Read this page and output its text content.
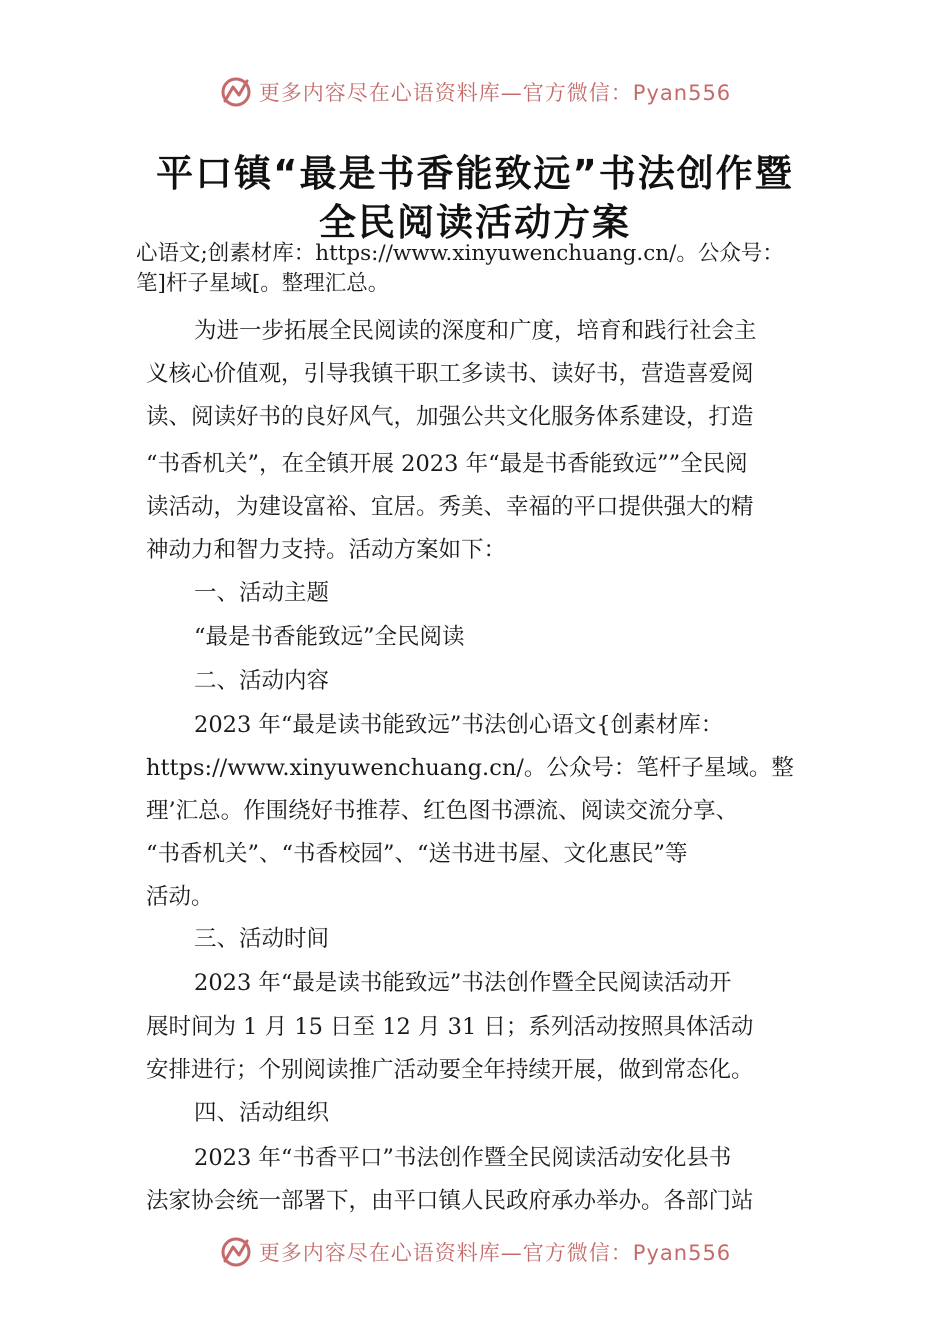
更多内容尽在心语资料库—官方微信：Pyan556
平口镇“最是书香能致远”书法创作暨
全民阅读活动方案

心语文;创素材库：https://www.xinyuwenchuang.cn/。公众号：

笔]杆子星域[。整理汇总。

为进一步拓展全民阅读的深度和广度，培育和践行社会主

义核心价值观，引导我镇干职工多读书、读好书，营造喜爱阅

读、阅读好书的良好风气，加强公共文化服务体系建设，打造

“书香机关”，在全镇开展 2023 年“最是书香能致远””全民阅

读活动，为建设富裕、宜居。秀美、幸福的平口提供强大的精

神动力和智力支持。活动方案如下：

一、活动主题

“最是书香能致远”全民阅读

二、活动内容

2023 年“最是读书能致远”书法创心语文{创素材库：

https://www.xinyuwenchuang.cn/。公众号：笔杆子星域。整

理’汇总。作围绕好书推荐、红色图书漂流、阅读交流分享、

“书香机关”、“书香校园”、“送书进书屋、文化惠民”等

活动。

三、活动时间

2023 年“最是读书能致远”书法创作暨全民阅读活动开

展时间为 1 月 15 日至 12 月 31 日；系列活动按照具体活动

安排进行；个别阅读推广活动要全年持续开展，做到常态化。

四、活动组织

2023 年“书香平口”书法创作暨全民阅读活动安化县书

法家协会统一部署下，由平口镇人民政府承办举办。各部门站

更多内容尽在心语资料库—官方微信：Pyan556
